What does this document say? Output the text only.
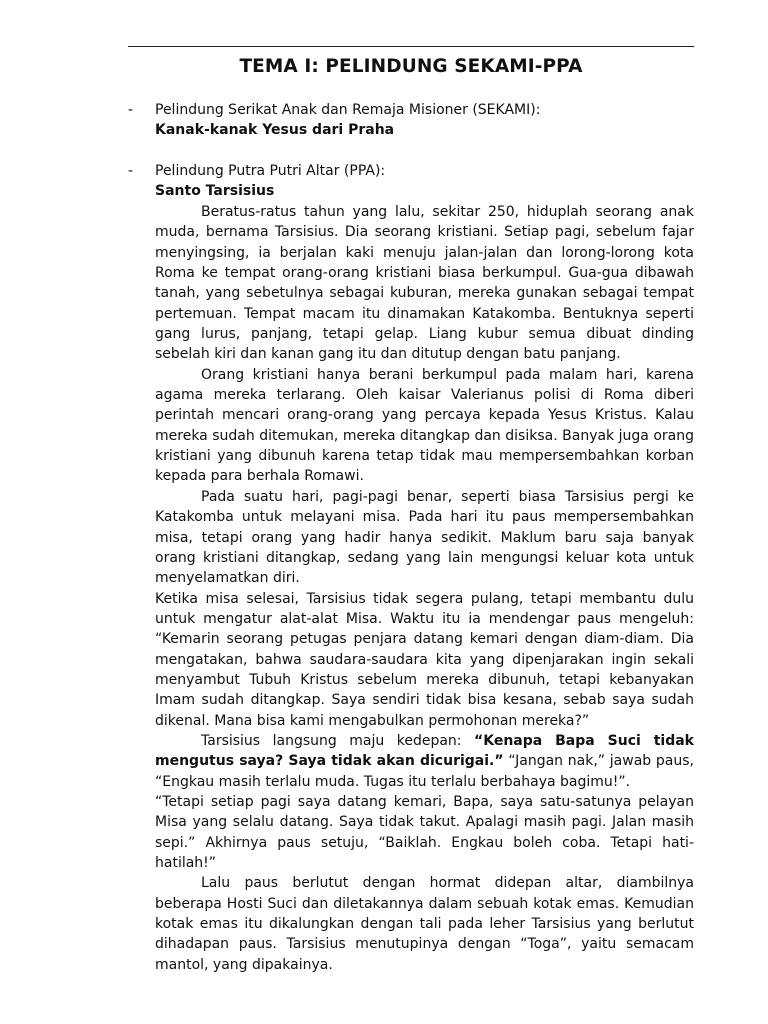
TEMA I: PELINDUNG SEKAMI-PPA
- Pelindung Serikat Anak dan Remaja Misioner (SEKAMI):
Kanak-kanak Yesus dari Praha
- Pelindung Putra Putri Altar (PPA):
Santo Tarsisius

Beratus-ratus tahun yang lalu, sekitar 250, hiduplah seorang anak muda, bernama Tarsisius. Dia seorang kristiani. Setiap pagi, sebelum fajar menyingsing, ia berjalan kaki menuju jalan-jalan dan lorong-lorong kota Roma ke tempat orang-orang kristiani biasa berkumpul. Gua-gua dibawah tanah, yang sebetulnya sebagai kuburan, mereka gunakan sebagai tempat pertemuan. Tempat macam itu dinamakan Katakomba. Bentuknya seperti gang lurus, panjang, tetapi gelap. Liang kubur semua dibuat dinding sebelah kiri dan kanan gang itu dan ditutup dengan batu panjang.

Orang kristiani hanya berani berkumpul pada malam hari, karena agama mereka terlarang. Oleh kaisar Valerianus polisi di Roma diberi perintah mencari orang-orang yang percaya kepada Yesus Kristus. Kalau mereka sudah ditemukan, mereka ditangkap dan disiksa. Banyak juga orang kristiani yang dibunuh karena tetap tidak mau mempersembahkan korban kepada para berhala Romawi.

Pada suatu hari, pagi-pagi benar, seperti biasa Tarsisius pergi ke Katakomba untuk melayani misa. Pada hari itu paus mempersembahkan misa, tetapi orang yang hadir hanya sedikit. Maklum baru saja banyak orang kristiani ditangkap, sedang yang lain mengungsi keluar kota untuk menyelamatkan diri.

Ketika misa selesai, Tarsisius tidak segera pulang, tetapi membantu dulu untuk mengatur alat-alat Misa. Waktu itu ia mendengar paus mengeluh: “Kemarin seorang petugas penjara datang kemari dengan diam-diam. Dia mengatakan, bahwa saudara-saudara kita yang dipenjarakan ingin sekali menyambut Tubuh Kristus sebelum mereka dibunuh, tetapi kebanyakan Imam sudah ditangkap. Saya sendiri tidak bisa kesana, sebab saya sudah dikenal. Mana bisa kami mengabulkan permohonan mereka?”

Tarsisius langsung maju kedepan: “Kenapa Bapa Suci tidak mengutus saya? Saya tidak akan dicurigai.” “Jangan nak,” jawab paus, “Engkau masih terlalu muda. Tugas itu terlalu berbahaya bagimu!”.

“Tetapi setiap pagi saya datang kemari, Bapa, saya satu-satunya pelayan Misa yang selalu datang. Saya tidak takut. Apalagi masih pagi. Jalan masih sepi.” Akhirnya paus setuju, “Baiklah. Engkau boleh coba. Tetapi hati-hatilah!”

Lalu paus berlutut dengan hormat didepan altar, diambilnya beberapa Hosti Suci dan diletakannya dalam sebuah kotak emas. Kemudian kotak emas itu dikalungkan dengan tali pada leher Tarsisius yang berlutut dihadapan paus. Tarsisius menutupinya dengan “Toga”, yaitu semacam mantol, yang dipakainya.
